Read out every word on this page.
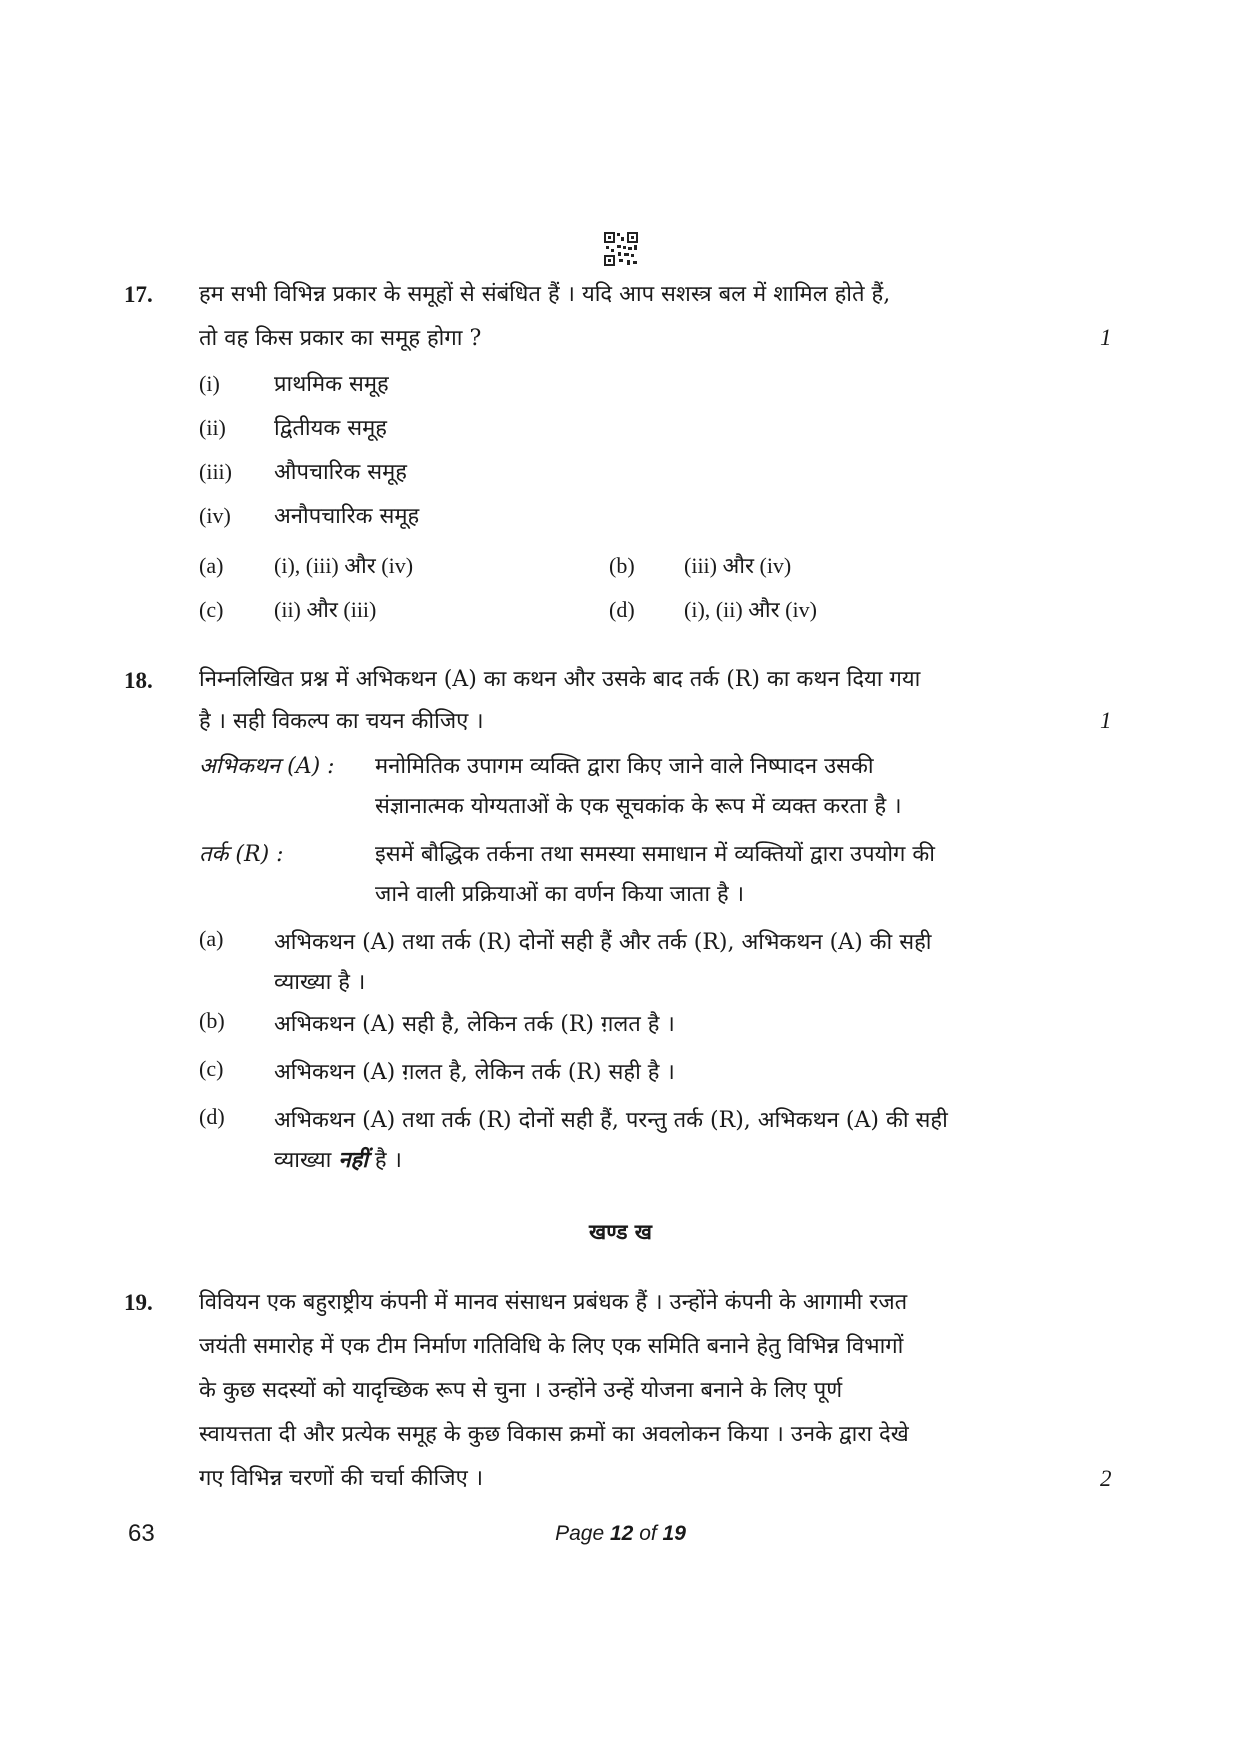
17. हम सभी विभिन्न प्रकार के समूहों से संबंधित हैं । यदि आप सशस्त्र बल में शामिल होते हैं,
तो वह किस प्रकार का समूह होगा ?	1
(i) प्राथमिक समूह
(ii) द्वितीयक समूह
(iii) औपचारिक समूह
(iv) अनौपचारिक समूह
(a) (i), (iii) और (iv)	(b) (iii) और (iv)
(c) (ii) और (iii)	(d) (i), (ii) और (iv)
18. निम्नलिखित प्रश्न में अभिकथन (A) का कथन और उसके बाद तर्क (R) का कथन दिया गया
है । सही विकल्प का चयन कीजिए ।	1
अभिकथन (A) : मनोमितिक उपागम व्यक्ति द्वारा किए जाने वाले निष्पादन उसकी
संज्ञानात्मक योग्यताओं के एक सूचकांक के रूप में व्यक्त करता है ।
तर्क (R) :	इसमें बौद्धिक तर्कना तथा समस्या समाधान में व्यक्तियों द्वारा उपयोग की
जाने वाली प्रक्रियाओं का वर्णन किया जाता है ।
(a) अभिकथन (A) तथा तर्क (R) दोनों सही हैं और तर्क (R), अभिकथन (A) की सही
व्याख्या है ।
(b) अभिकथन (A) सही है, लेकिन तर्क (R) ग़लत है ।
(c) अभिकथन (A) ग़लत है, लेकिन तर्क (R) सही है ।
(d) अभिकथन (A) तथा तर्क (R) दोनों सही हैं, परन्तु तर्क (R), अभिकथन (A) की सही
व्याख्या नहीं है ।
खण्ड ख
19. विवियन एक बहुराष्ट्रीय कंपनी में मानव संसाधन प्रबंधक हैं । उन्होंने कंपनी के आगामी रजत
जयंती समारोह में एक टीम निर्माण गतिविधि के लिए एक समिति बनाने हेतु विभिन्न विभागों
के कुछ सदस्यों को यादृच्छिक रूप से चुना । उन्होंने उन्हें योजना बनाने के लिए पूर्ण
स्वायत्तता दी और प्रत्येक समूह के कुछ विकास क्रमों का अवलोकन किया । उनके द्वारा देखे
गए विभिन्न चरणों की चर्चा कीजिए ।	2
63	Page 12 of 19
